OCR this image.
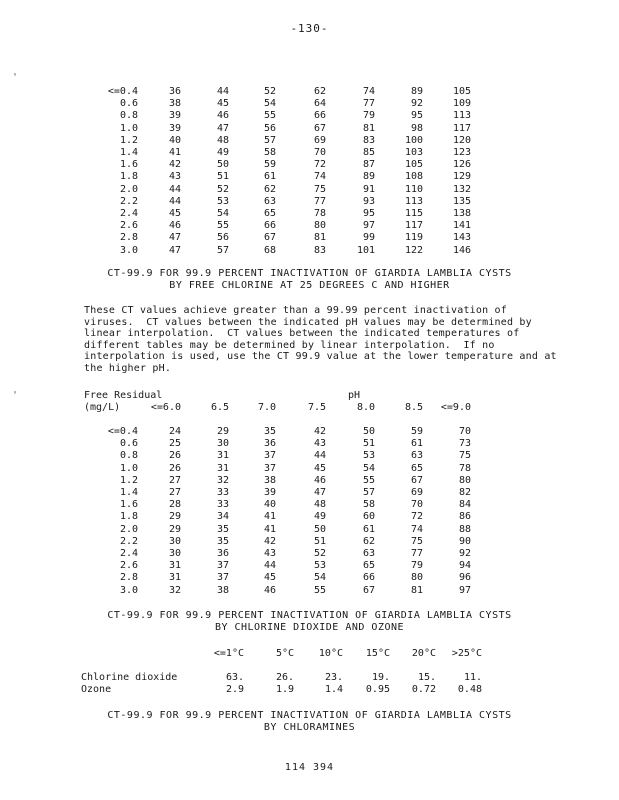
-130-
'
'
<=0.4	36	44	52	62	74	89	105
0.6	38	45	54	64	77	92	109
0.8	39	46	55	66	79	95	113
1.0	39	47	56	67	81	98	117
1.2	40	48	57	69	83	100	120
1.4	41	49	58	70	85	103	123
1.6	42	50	59	72	87	105	126
1.8	43	51	61	74	89	108	129
2.0	44	52	62	75	91	110	132
2.2	44	53	63	77	93	113	135
2.4	45	54	65	78	95	115	138
2.6	46	55	66	80	97	117	141
2.8	47	56	67	81	99	119	143
3.0	47	57	68	83	101	122	146
CT-99.9 FOR 99.9 PERCENT INACTIVATION OF GIARDIA LAMBLIA CYSTS
BY FREE CHLORINE AT 25 DEGREES C AND HIGHER
These CT values achieve greater than a 99.99 percent inactivation of
viruses.  CT values between the indicated pH values may be determined by
linear interpolation.  CT values between the indicated temperatures of
different tables may be determined by linear interpolation.  If no
interpolation is used, use the CT 99.9 value at the lower temperature and at
the higher pH.
Free Residual	pH
(mg/L)	<=6.0	6.5	7.0	7.5	8.0	8.5	<=9.0
<=0.4	24	29	35	42	50	59	70
0.6	25	30	36	43	51	61	73
0.8	26	31	37	44	53	63	75
1.0	26	31	37	45	54	65	78
1.2	27	32	38	46	55	67	80
1.4	27	33	39	47	57	69	82
1.6	28	33	40	48	58	70	84
1.8	29	34	41	49	60	72	86
2.0	29	35	41	50	61	74	88
2.2	30	35	42	51	62	75	90
2.4	30	36	43	52	63	77	92
2.6	31	37	44	53	65	79	94
2.8	31	37	45	54	66	80	96
3.0	32	38	46	55	67	81	97
CT-99.9 FOR 99.9 PERCENT INACTIVATION OF GIARDIA LAMBLIA CYSTS
BY CHLORINE DIOXIDE AND OZONE
<=1°C	5°C	10°C	15°C	20°C	>25°C
Chlorine dioxide	63.	26.	23.	19.	15.	11.
Ozone	2.9	1.9	1.4	0.95	0.72	0.48
CT-99.9 FOR 99.9 PERCENT INACTIVATION OF GIARDIA LAMBLIA CYSTS
BY CHLORAMINES
114 394
